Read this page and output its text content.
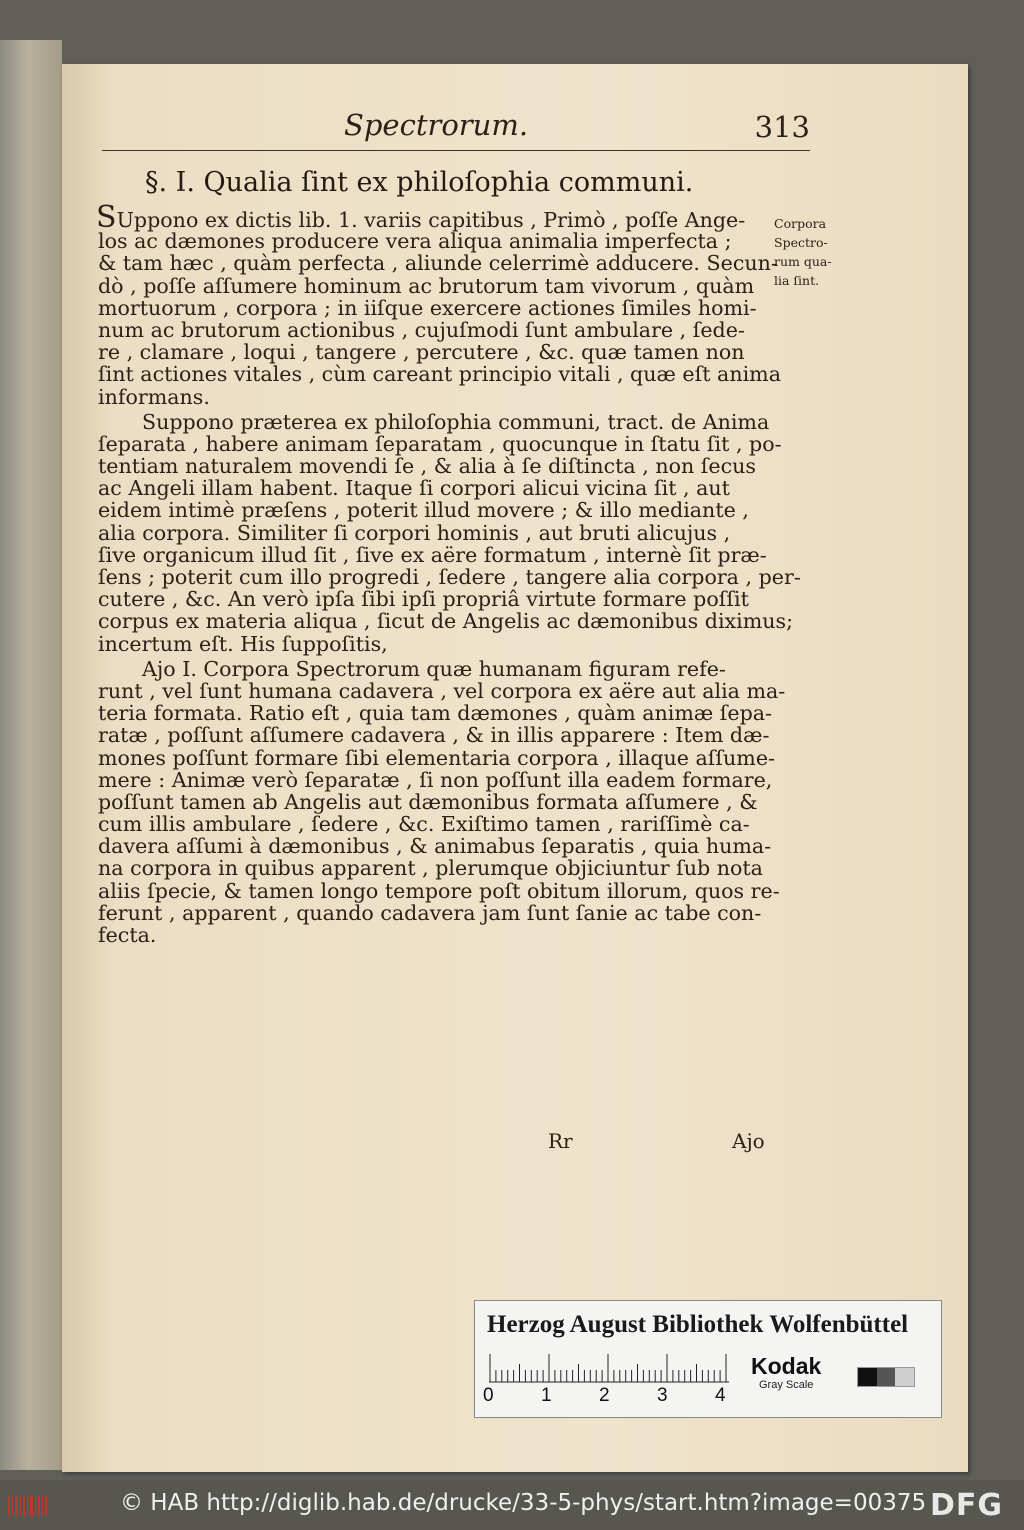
Spectrorum.	313
§. I. Qualia ſint ex philoſophia communi.
SUppono ex dictis lib. 1. variis capitibus , Primò , poſſe Ange-
los ac dæmones producere vera aliqua animalia imperfecta ;
& tam hæc , quàm perfecta , aliunde celerrimè adducere. Secun-
dò , poſſe aſſumere hominum ac brutorum tam vivorum , quàm
mortuorum , corpora ; in iiſque exercere actiones ſimiles homi-
num ac brutorum actionibus , cujuſmodi ſunt ambulare , ſede-
re , clamare , loqui , tangere , percutere , &c. quæ tamen non
ſint actiones vitales , cùm careant principio vitali , quæ eſt anima
informans.
Suppono præterea ex philoſophia communi, tract. de Anima
ſeparata , habere animam ſeparatam , quocunque in ſtatu ſit , po-
tentiam naturalem movendi ſe , & alia à ſe diſtincta , non ſecus
ac Angeli illam habent. Itaque ſi corpori alicui vicina ſit , aut
eidem intimè præſens , poterit illud movere ; & illo mediante ,
alia corpora. Similiter ſi corpori hominis , aut bruti alicujus ,
ſive organicum illud ſit , ſive ex aëre formatum , internè ſit præ-
ſens ; poterit cum illo progredi , ſedere , tangere alia corpora , per-
cutere , &c. An verò ipſa ſibi ipſi propriâ virtute formare poſſit
corpus ex materia aliqua , ſicut de Angelis ac dæmonibus diximus;
incertum eſt. His ſuppoſitis,
Ajo I. Corpora Spectrorum quæ humanam figuram refe-
runt , vel ſunt humana cadavera , vel corpora ex aëre aut alia ma-
teria formata. Ratio eſt , quia tam dæmones , quàm animæ ſepa-
ratæ , poſſunt aſſumere cadavera , & in illis apparere : Item dæ-
mones poſſunt formare ſibi elementaria corpora , illaque aſſume-
mere : Animæ verò ſeparatæ , ſi non poſſunt illa eadem formare,
poſſunt tamen ab Angelis aut dæmonibus formata aſſumere , &
cum illis ambulare , ſedere , &c. Exiſtimo tamen , rariſſimè ca-
davera aſſumi à dæmonibus , & animabus ſeparatis , quia huma-
na corpora in quibus apparent , plerumque objiciuntur ſub nota
aliis ſpecie, & tamen longo tempore poſt obitum illorum, quos re-
ferunt , apparent , quando cadavera jam ſunt ſanie ac tabe con-
fecta.
Corpora
Spectro-
rum qua-
lia ſint.
Rr	Ajo
Herzog August Bibliothek Wolfenbüttel
0 1 2 3 4
Kodak
Gray Scale
© HAB http://diglib.hab.de/drucke/33-5-phys/start.htm?image=00375 DFG
